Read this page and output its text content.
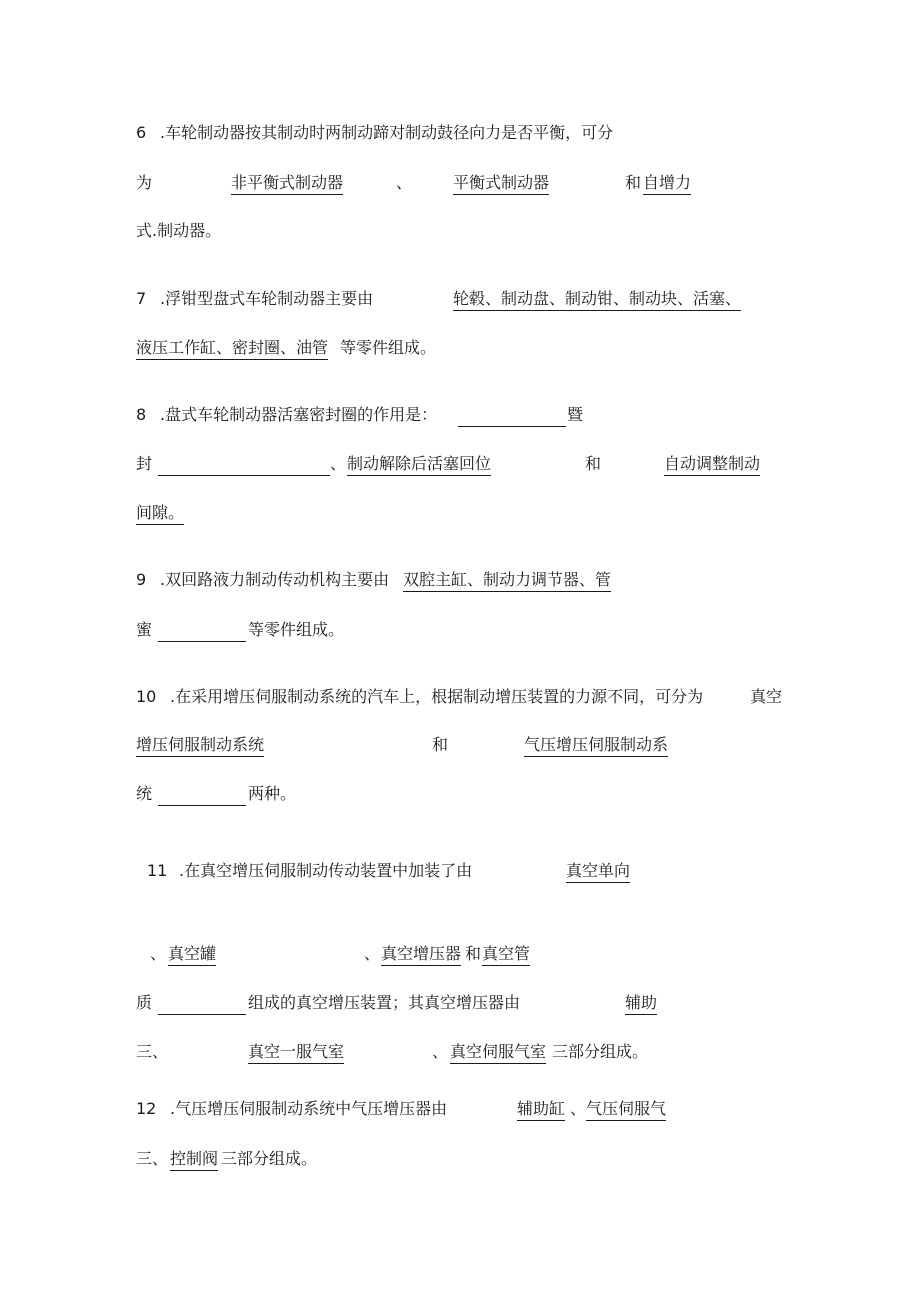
6 .车轮制动器按其制动时两制动蹄对制动鼓径向力是否平衡，可分
为	非平衡式制动器	、	平衡式制动器	和 自增力
式.制动器。
7 .浮钳型盘式车轮制动器主要由	轮毂、制动盘、制动钳、制动块、活塞、
液压工作缸、密封圈、油管 等零件组成。
8 .盘式车轮制动器活塞密封圈的作用是：	暨
封	、 制动解除后活塞回位	和	自动调整制动
间隙。
9 .双回路液力制动传动机构主要由 双腔主缸、制动力调节器、管
蜜	等零件组成。
10 .在采用增压伺服制动系统的汽车上，根据制动增压装置的力源不同，可分为	真空
增压伺服制动系统	和	气压增压伺服制动系
统	两种。
11 .在真空增压伺服制动传动装置中加装了由	真空单向
、 真空罐	、 真空增压器 和 真空管
质	组成的真空增压装置；其真空增压器由	辅助
三、	真空一服气室	、 真空伺服气室 三部分组成。
12 .气压增压伺服制动系统中气压增压器由	辅助缸 、 气压伺服气
三、 控制阀 三部分组成。
